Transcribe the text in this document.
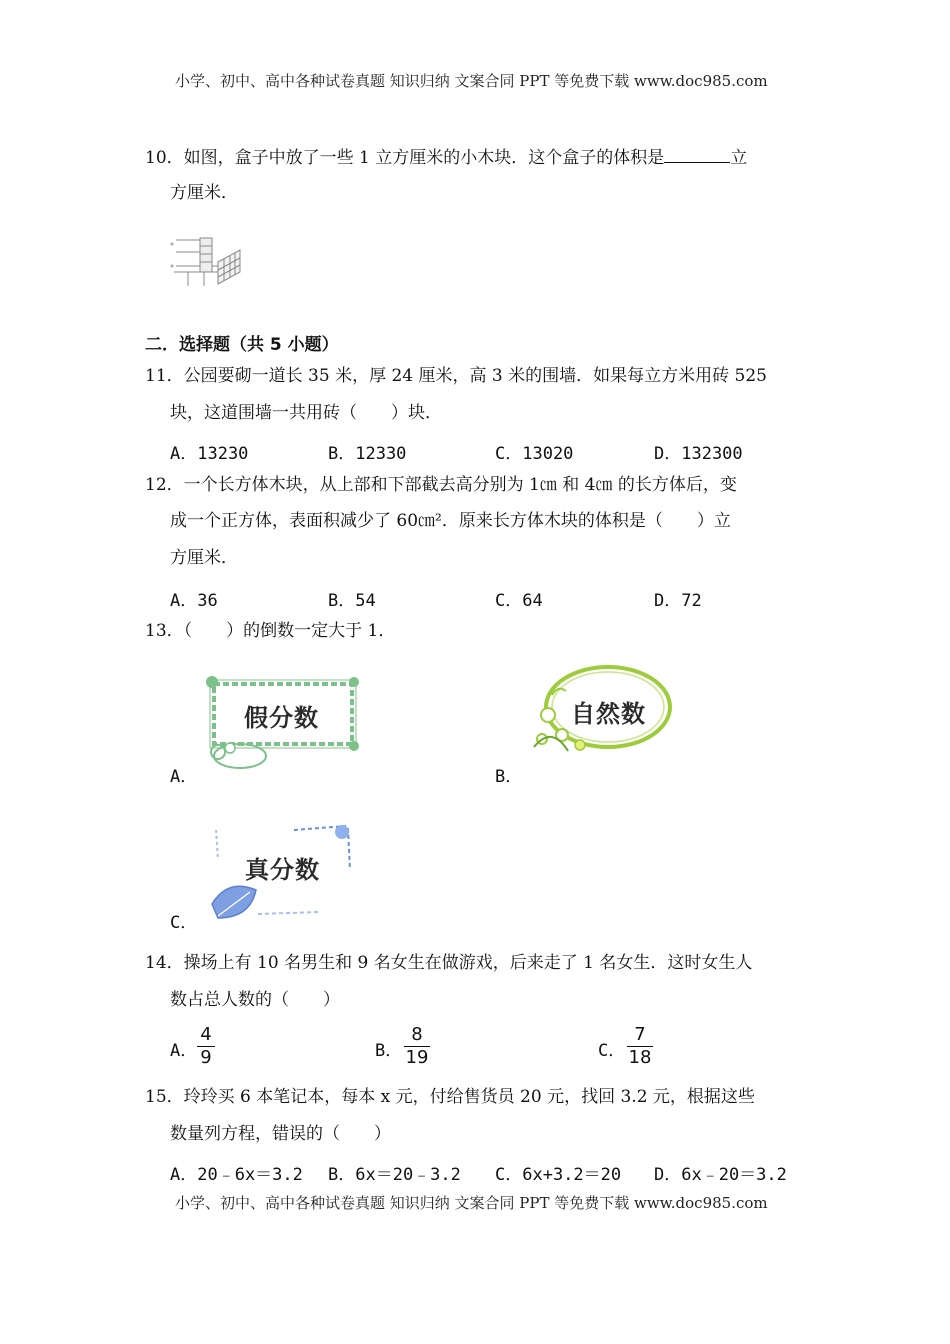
小学、初中、高中各种试卷真题 知识归纳 文案合同 PPT 等免费下载 www.doc985.com
10．如图，盒子中放了一些 1 立方厘米的小木块．这个盒子的体积是	立
方厘米．
二．选择题（共 5 小题）
11．公园要砌一道长 35 米，厚 24 厘米，高 3 米的围墙．如果每立方米用砖 525
块，这道围墙一共用砖（　　）块．
A．13230	B．12330	C．13020	D．132300
12．一个长方体木块，从上部和下部截去高分别为 1㎝ 和 4㎝ 的长方体后，变
成一个正方体，表面积减少了 60㎝²．原来长方体木块的体积是（　　）立
方厘米．
A．36	B．54	C．64	D．72
13．（　　）的倒数一定大于 1．
假分数
A．
自然数
B．
真分数
C．
14．操场上有 10 名男生和 9 名女生在做游戏，后来走了 1 名女生．这时女生人
数占总人数的（　　）
A．
4
9	B．
8
19	C．
7
18
15．玲玲买 6 本笔记本，每本 x 元，付给售货员 20 元，找回 3.2 元，根据这些
数量列方程，错误的（　　）
A．20﹣6x＝3.2 B．6x＝20﹣3.2 C．6x+3.2＝20 D．6x﹣20＝3.2
小学、初中、高中各种试卷真题 知识归纳 文案合同 PPT 等免费下载 www.doc985.com
